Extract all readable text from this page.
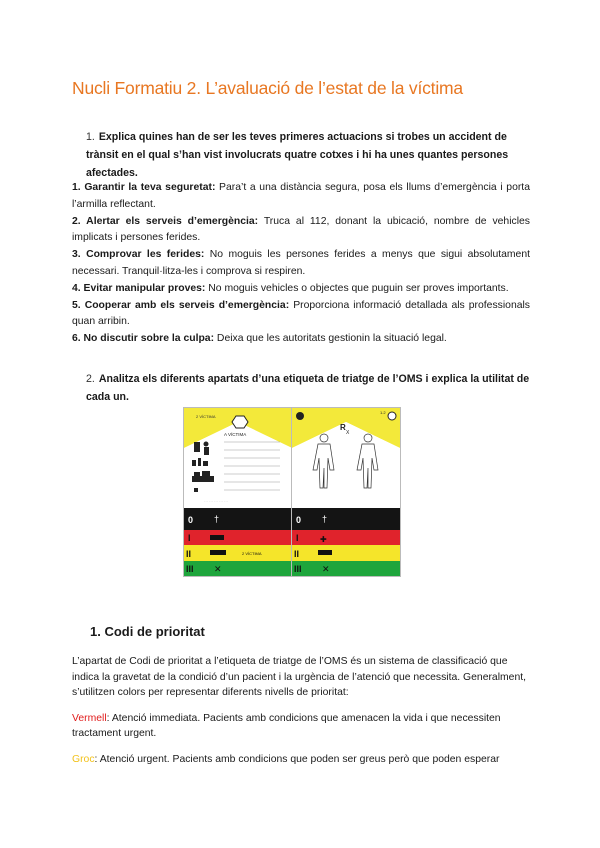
Nucli Formatiu 2. L’avaluació de l’estat de la víctima
1. Explica quines han de ser les teves primeres actuacions si trobes un accident de trànsit en el qual s’han vist involucrats quatre cotxes i hi ha unes quantes persones afectades.

1. Garantir la teva seguretat: Para’t a una distància segura, posa els llums d’emergència i porta l’armilla reflectant.

2. Alertar els serveis d’emergència: Truca al 112, donant la ubicació, nombre de vehicles implicats i persones ferides.

3. Comprovar les ferides: No moguis les persones ferides a menys que sigui absolutament necessari. Tranquil·litza-les i comprova si respiren.

4. Evitar manipular proves: No moguis vehicles o objectes que puguin ser proves importants.

5. Cooperar amb els serveis d’emergència: Proporciona informació detallada als professionals quan arribin.

6. No discutir sobre la culpa: Deixa que les autoritats gestionin la situació legal.

2. Analitza els diferents apartats d’una etiqueta de triatge de l’OMS i explica la utilitat de cada un.
2 VÍCTIMA
A VÍCTIMA
. . . . . . . . . . . . . . .
0 †
I
II	2 VÍCTIMA
III ✕
1.2
R
X
0 †
I	✚
II
III ✕
1. Codi de prioritat

L’apartat de Codi de prioritat a l’etiqueta de triatge de l’OMS és un sistema de classificació que indica la gravetat de la condició d’un pacient i la urgència de l’atenció que necessita. Generalment, s’utilitzen colors per representar diferents nivells de prioritat:

Vermell: Atenció immediata. Pacients amb condicions que amenacen la vida i que necessiten tractament urgent.

Groc: Atenció urgent. Pacients amb condicions que poden ser greus però que poden esperar
